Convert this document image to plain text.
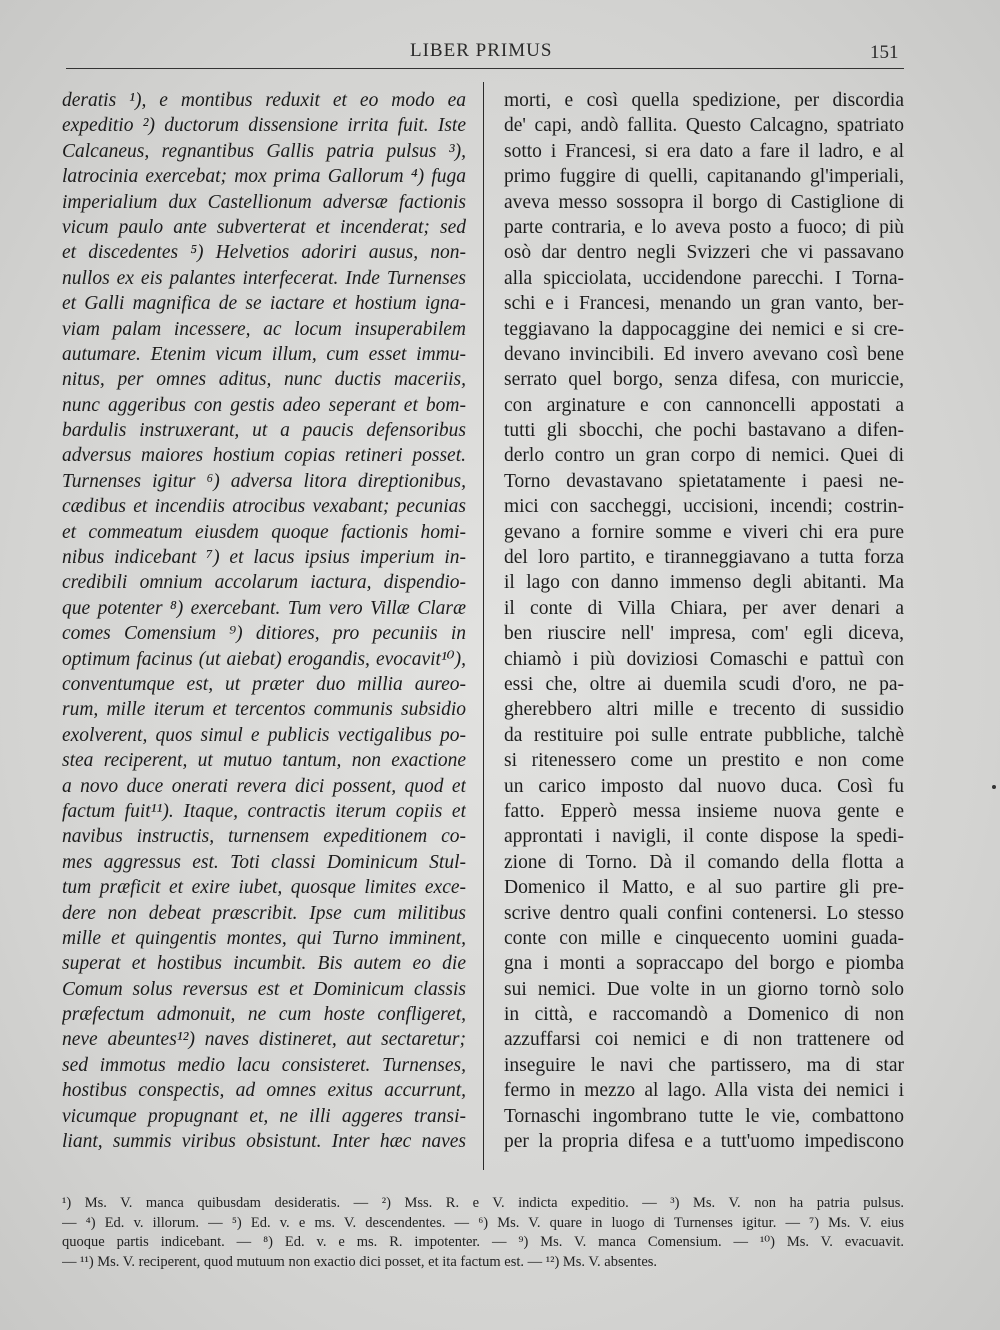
LIBER PRIMUS	151
deratis ¹), e montibus reduxit et eo modo ea
expeditio ²) ductorum dissensione irrita fuit. Iste
Calcaneus, regnantibus Gallis patria pulsus ³),
latrocinia exercebat; mox prima Gallorum ⁴) fuga
imperialium dux Castellionum adversæ factionis
vicum paulo ante subverterat et incenderat; sed
et discedentes ⁵) Helvetios adoriri ausus, non-
nullos ex eis palantes interfecerat. Inde Turnenses
et Galli magnifica de se iactare et hostium igna-
viam palam incessere, ac locum insuperabilem
autumare. Etenim vicum illum, cum esset immu-
nitus, per omnes aditus, nunc ductis maceriis,
nunc aggeribus con gestis adeo seperant et bom-
bardulis instruxerant, ut a paucis defensoribus
adversus maiores hostium copias retineri posset.
Turnenses igitur ⁶) adversa litora direptionibus,
cædibus et incendiis atrocibus vexabant; pecunias
et commeatum eiusdem quoque factionis homi-
nibus indicebant ⁷) et lacus ipsius imperium in-
credibili omnium accolarum iactura, dispendio-
que potenter ⁸) exercebant. Tum vero Villæ Claræ
comes Comensium ⁹) ditiores, pro pecuniis in
optimum facinus (ut aiebat) erogandis, evocavit¹⁰),
conventumque est, ut præter duo millia aureo-
rum, mille iterum et tercentos communis subsidio
exolverent, quos simul e publicis vectigalibus po-
stea reciperent, ut mutuo tantum, non exactione
a novo duce onerati revera dici possent, quod et
factum fuit¹¹). Itaque, contractis iterum copiis et
navibus instructis, turnensem expeditionem co-
mes aggressus est. Toti classi Dominicum Stul-
tum præficit et exire iubet, quosque limites exce-
dere non debeat præscribit. Ipse cum militibus
mille et quingentis montes, qui Turno imminent,
superat et hostibus incumbit. Bis autem eo die
Comum solus reversus est et Dominicum classis
præfectum admonuit, ne cum hoste confligeret,
neve abeuntes¹²) naves distineret, aut sectaretur;
sed immotus medio lacu consisteret. Turnenses,
hostibus conspectis, ad omnes exitus accurrunt,
vicumque propugnant et, ne illi aggeres transi-
liant, summis viribus obsistunt. Inter hæc naves
morti, e così quella spedizione, per discordia
de' capi, andò fallita. Questo Calcagno, spatriato
sotto i Francesi, si era dato a fare il ladro, e al
primo fuggire di quelli, capitanando gl'imperiali,
aveva messo sossopra il borgo di Castiglione di
parte contraria, e lo aveva posto a fuoco; di più
osò dar dentro negli Svizzeri che vi passavano
alla spicciolata, uccidendone parecchi. I Torna-
schi e i Francesi, menando un gran vanto, ber-
teggiavano la dappocaggine dei nemici e si cre-
devano invincibili. Ed invero avevano così bene
serrato quel borgo, senza difesa, con muriccie,
con arginature e con cannoncelli appostati a
tutti gli sbocchi, che pochi bastavano a difen-
derlo contro un gran corpo di nemici. Quei di
Torno devastavano spietatamente i paesi ne-
mici con saccheggi, uccisioni, incendi; costrin-
gevano a fornire somme e viveri chi era pure
del loro partito, e tiranneggiavano a tutta forza
il lago con danno immenso degli abitanti. Ma
il conte di Villa Chiara, per aver denari a
ben riuscire nell' impresa, com' egli diceva,
chiamò i più doviziosi Comaschi e pattuì con
essi che, oltre ai duemila scudi d'oro, ne pa-
gherebbero altri mille e trecento di sussidio
da restituire poi sulle entrate pubbliche, talchè
si ritenessero come un prestito e non come
un carico imposto dal nuovo duca. Così fu
fatto. Epperò messa insieme nuova gente e
approntati i navigli, il conte dispose la spedi-
zione di Torno. Dà il comando della flotta a
Domenico il Matto, e al suo partire gli pre-
scrive dentro quali confini contenersi. Lo stesso
conte con mille e cinquecento uomini guada-
gna i monti a sopraccapo del borgo e piomba
sui nemici. Due volte in un giorno tornò solo
in città, e raccomandò a Domenico di non
azzuffarsi coi nemici e di non trattenere od
inseguire le navi che partissero, ma di star
fermo in mezzo al lago. Alla vista dei nemici i
Tornaschi ingombrano tutte le vie, combattono
per la propria difesa e a tutt'uomo impediscono
¹) Ms. V. manca quibusdam desideratis. — ²) Mss. R. e V. indicta expeditio. — ³) Ms. V. non ha patria pulsus.
— ⁴) Ed. v. illorum. — ⁵) Ed. v. e ms. V. descendentes. — ⁶) Ms. V. quare in luogo di Turnenses igitur. — ⁷) Ms. V. eius
quoque partis indicebant. — ⁸) Ed. v. e ms. R. impotenter. — ⁹) Ms. V. manca Comensium. — ¹⁰) Ms. V. evacuavit.
— ¹¹) Ms. V. reciperent, quod mutuum non exactio dici posset, et ita factum est. — ¹²) Ms. V. absentes.
